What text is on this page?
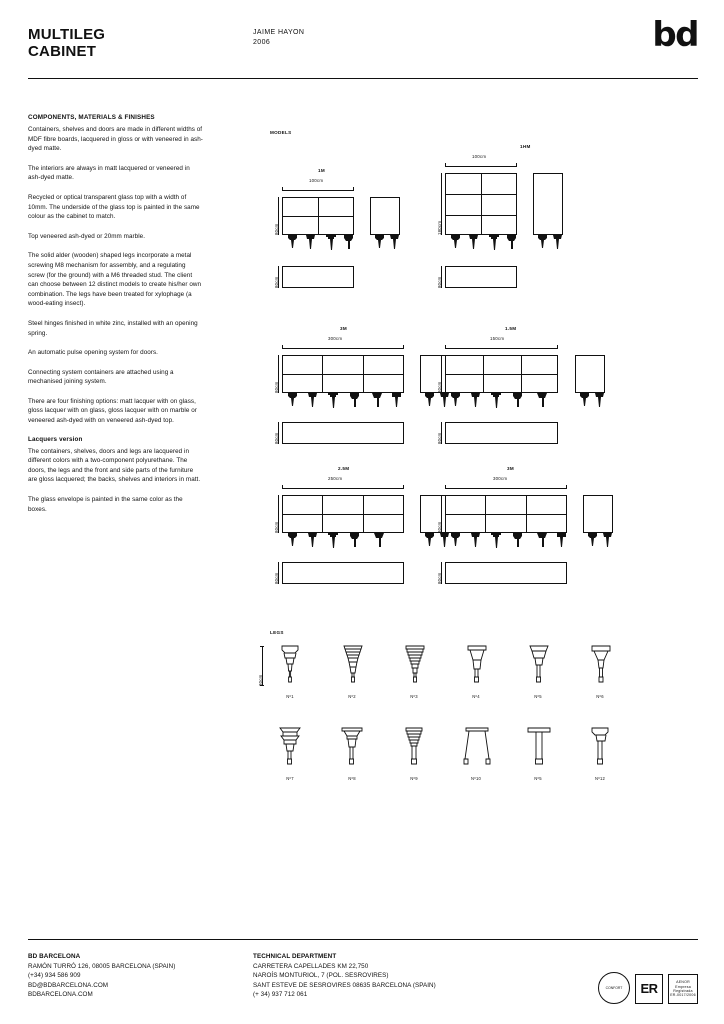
MULTILEG
CABINET
JAIME HAYON
2006	bd
COMPONENTS, MATERIALS & FINISHES

Containers, shelves and doors are made in different widths of MDF fibre boards, lacquered in gloss or with veneered in ash-dyed matte.

The interiors are always in matt lacquered or veneered in ash-dyed matte.

Recycled or optical transparent glass top with a width of 10mm. The underside of the glass top is painted in the same colour as the cabinet to match.

Top veneered ash-dyed or 20mm marble.

The solid alder (wooden) shaped legs incorporate a metal screwing M8 mechanism for assembly, and a regulating screw (for the ground) with a M6 threaded stud. The client can choose between 12 distinct models to create his/her own combination. The legs have been treated for xylophage (a wood-eating insect).

Steel hinges finished in white zinc, installed with an opening spring.

An automatic pulse opening system for doors.

Connecting system containers are attached using a mechanised joining system.

There are four finishing options: matt lacquer with on glass, gloss lacquer with on glass, gloss lacquer with on marble or veneered ash-dyed with on veneered ash-dyed top.

Lacquers version

The containers, shelves, doors and legs are lacquered in different colors with a two-component polyurethane. The doors, the legs and the front and side parts of the furniture are gloss lacquered; the backs, shelves and interiors in matt.

The glass envelope is painted in the same color as the boxes.

MODELS
1M
100cm
80cm
80cm
1HM
100cm
180cm
80cm
3M
300cm
80cm
80cm
1.5M
150cm
80cm
80cm
2.5M
250cm
80cm
80cm
3M
300cm
80cm
80cm
LEGS
30cm
Nº1	Nº2	Nº3	Nº4	Nº5	Nº6
Nº7	Nº8	Nº9	Nº10	Nº5	Nº12
BD BARCELONA
RAMÓN TURRÓ 126, 08005 BARCELONA (SPAIN)
(+34) 934 586 909
BD@BDBARCELONA.COM
BDBARCELONA.COM
TECHNICAL DEPARTMENT
CARRETERA CAPELLADES KM 22,750
NAROÍS MONTURIOL, 7 (POL. SESROVIRES)
SANT ESTEVE DE SESROVIRES 08635 BARCELONA (SPAIN)
(+ 34) 937 712 061
CONFORT	ER	AENOR
Empresa Registrada ER-0017/2006
